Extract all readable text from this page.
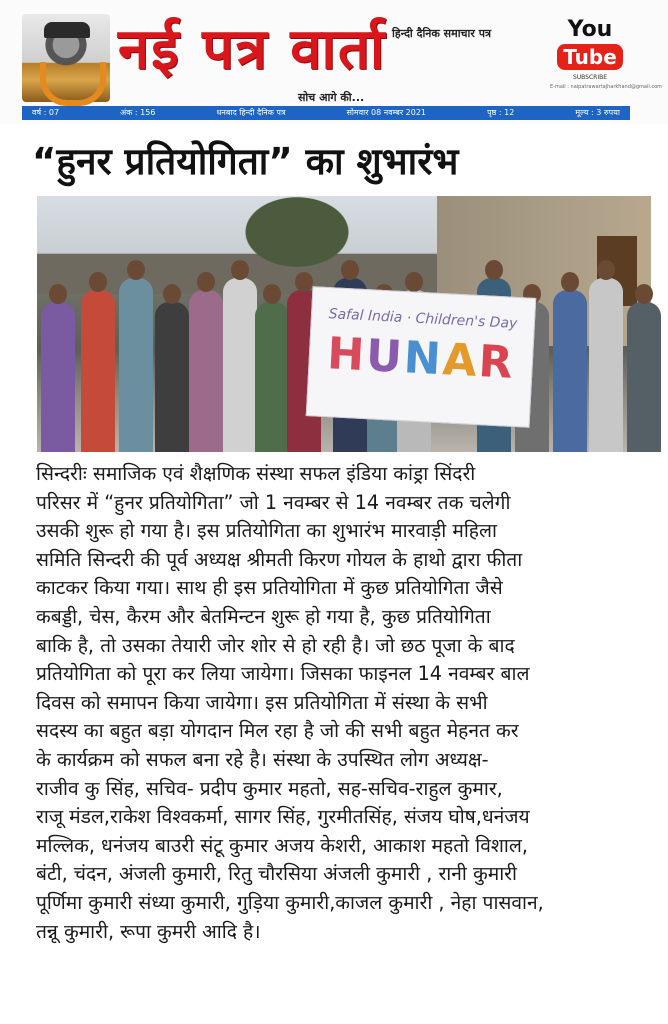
नई पत्र वार्ता हिन्दी दैनिक समाचार पत्र
सोच आगे की...
You
Tube
SUBSCRIBE
E-mail : naipatrawartajharkhand@gmail.com
वर्ष : 07	अंक : 156	धनबाद हिन्दी दैनिक पत्र	सोमवार 08 नवम्बर 2021	पृष्ठ : 12	मूल्य : 3 रुपया
“हुनर प्रतियोगिता” का शुभारंभ
Safal India · Children's Day
HUNAR
सिन्दरीः समाजिक एवं शैक्षणिक संस्था सफल इंडिया कांड्रा सिंदरी
परिसर में “हुनर प्रतियोगिता” जो 1 नवम्बर से 14 नवम्बर तक चलेगी
उसकी शुरू हो गया है। इस प्रतियोगिता का शुभारंभ मारवाड़ी महिला
समिति सिन्दरी की पूर्व अध्यक्ष श्रीमती किरण गोयल के हाथो द्वारा फीता
काटकर किया गया। साथ ही इस प्रतियोगिता में कुछ प्रतियोगिता जैसे
कबड्डी, चेस, कैरम और बेतमिन्टन शुरू हो गया है, कुछ प्रतियोगिता
बाकि है, तो उसका तेयारी जोर शोर से हो रही है। जो छठ पूजा के बाद
प्रतियोगिता को पूरा कर लिया जायेगा। जिसका फाइनल 14 नवम्बर बाल
दिवस को समापन किया जायेगा। इस प्रतियोगिता में संस्था के सभी
सदस्य का बहुत बड़ा योगदान मिल रहा है जो की सभी बहुत मेहनत कर
के कार्यक्रम को सफल बना रहे है। संस्था के उपस्थित लोग अध्यक्ष-
राजीव कु सिंह, सचिव- प्रदीप कुमार महतो, सह-सचिव-राहुल कुमार,
राजू मंडल,राकेश विश्वकर्मा, सागर सिंह, गुरमीतसिंह, संजय घोष,धनंजय
मल्लिक, धनंजय बाउरी संटू कुमार अजय केशरी, आकाश महतो विशाल,
बंटी, चंदन, अंजली कुमारी, रितु चौरसिया अंजली कुमारी , रानी कुमारी
पूर्णिमा कुमारी संध्या कुमारी, गुड़िया कुमारी,काजल कुमारी , नेहा पासवान,
तन्नू कुमारी, रूपा कुमरी आदि है।
